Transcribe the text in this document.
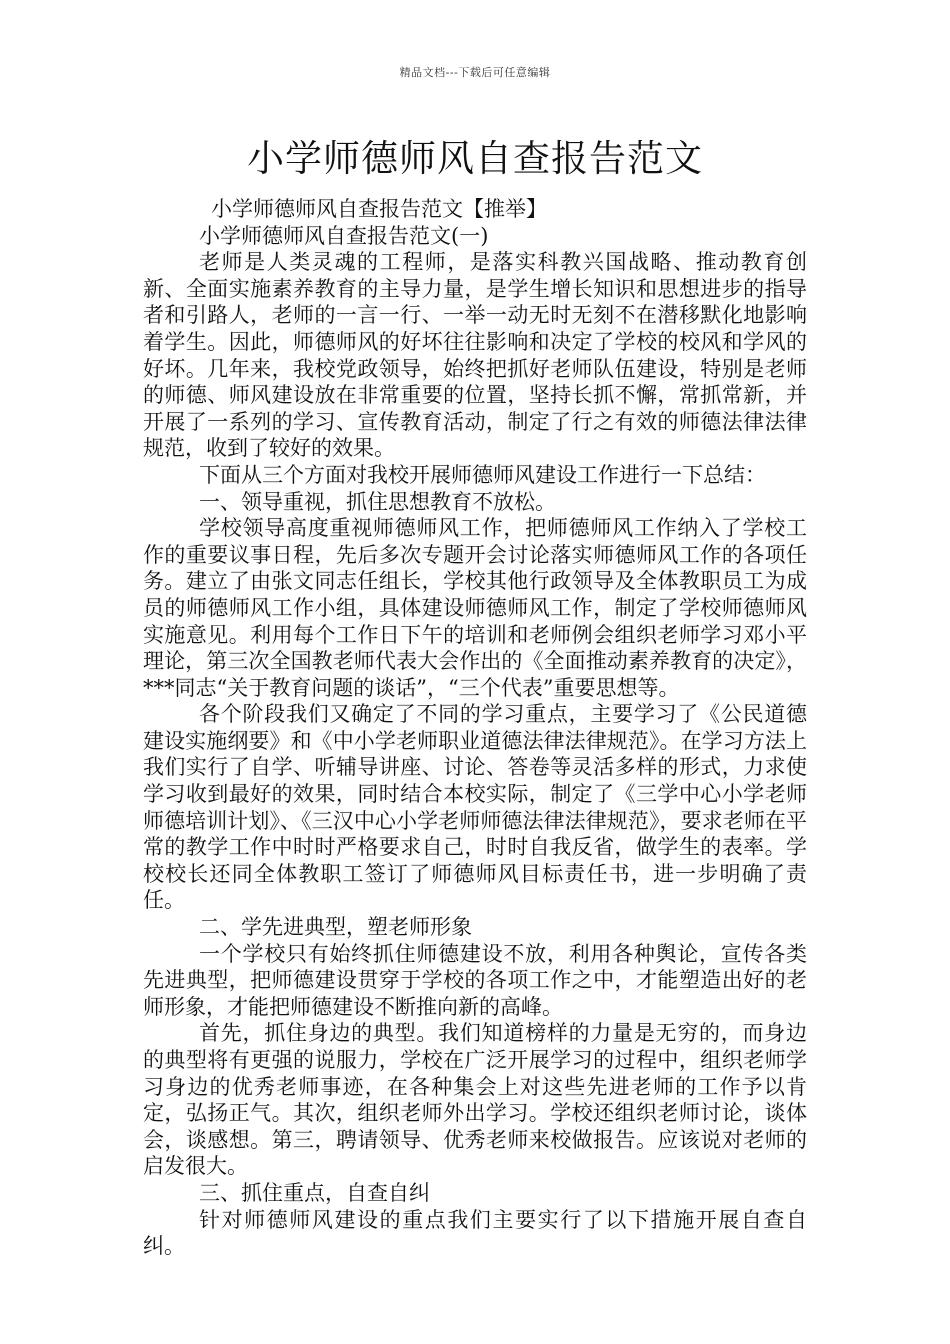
精品文档---下载后可任意编辑
小学师德师风自查报告范文

小学师德师风自查报告范文【推举】

小学师德师风自查报告范文(一)

老师是人类灵魂的工程师，是落实科教兴国战略、推动教育创新、全面实施素养教育的主导力量，是学生增长知识和思想进步的指导者和引路人，老师的一言一行、一举一动无时无刻不在潜移默化地影响着学生。因此，师德师风的好坏往往影响和决定了学校的校风和学风的好坏。几年来，我校党政领导，始终把抓好老师队伍建设，特别是老师的师德、师风建设放在非常重要的位置，坚持长抓不懈，常抓常新，并开展了一系列的学习、宣传教育活动，制定了行之有效的师德法律法律规范，收到了较好的效果。

下面从三个方面对我校开展师德师风建设工作进行一下总结：

一、领导重视，抓住思想教育不放松。

学校领导高度重视师德师风工作，把师德师风工作纳入了学校工作的重要议事日程，先后多次专题开会讨论落实师德师风工作的各项任务。建立了由张文同志任组长，学校其他行政领导及全体教职员工为成员的师德师风工作小组，具体建设师德师风工作，制定了学校师德师风实施意见。利用每个工作日下午的培训和老师例会组织老师学习邓小平理论，第三次全国教老师代表大会作出的《全面推动素养教育的决定》，***同志“关于教育问题的谈话”，“三个代表”重要思想等。

各个阶段我们又确定了不同的学习重点，主要学习了《公民道德建设实施纲要》和《中小学老师职业道德法律法律规范》。在学习方法上我们实行了自学、听辅导讲座、讨论、答卷等灵活多样的形式，力求使学习收到最好的效果，同时结合本校实际，制定了《三学中心小学老师师德培训计划》、《三汉中心小学老师师德法律法律规范》，要求老师在平常的教学工作中时时严格要求自己，时时自我反省，做学生的表率。学校校长还同全体教职工签订了师德师风目标责任书，进一步明确了责任。

二、学先进典型，塑老师形象

一个学校只有始终抓住师德建设不放，利用各种舆论，宣传各类先进典型，把师德建设贯穿于学校的各项工作之中，才能塑造出好的老师形象，才能把师德建设不断推向新的高峰。

首先，抓住身边的典型。我们知道榜样的力量是无穷的，而身边的典型将有更强的说服力，学校在广泛开展学习的过程中，组织老师学习身边的优秀老师事迹，在各种集会上对这些先进老师的工作予以肯定，弘扬正气。其次，组织老师外出学习。学校还组织老师讨论，谈体会，谈感想。第三，聘请领导、优秀老师来校做报告。应该说对老师的启发很大。

三、抓住重点，自查自纠

针对师德师风建设的重点我们主要实行了以下措施开展自查自纠。
